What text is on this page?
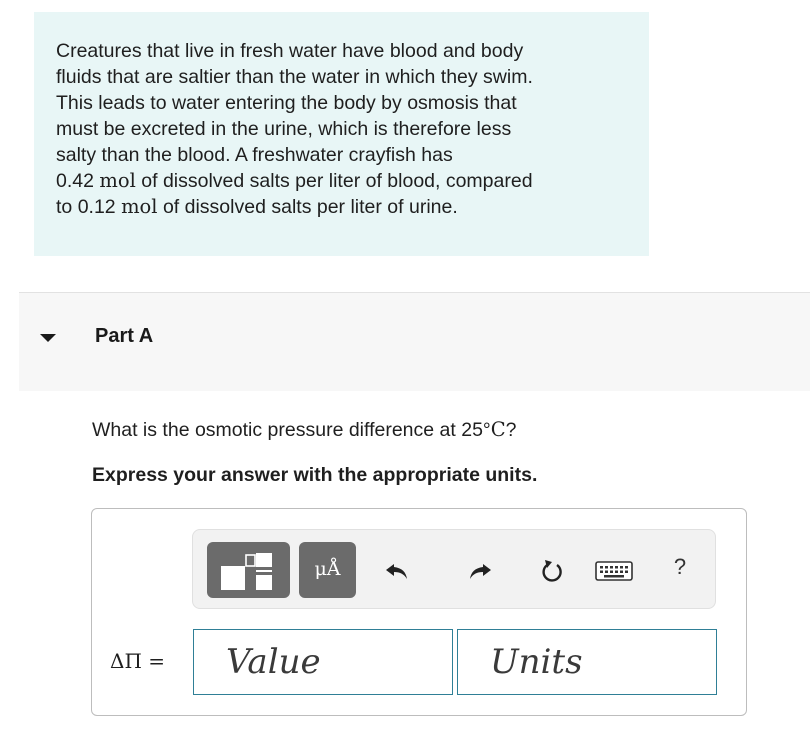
Creatures that live in fresh water have blood and body

fluids that are saltier than the water in which they swim.

This leads to water entering the body by osmosis that

must be excreted in the urine, which is therefore less

salty than the blood. A freshwater crayfish has

0.42 mol of dissolved salts per liter of blood, compared

to 0.12 mol of dissolved salts per liter of urine.

Part A
What is the osmotic pressure difference at 25°C?
Express your answer with the appropriate units.
μÅ	?
ΔΠ =
Value
Units
